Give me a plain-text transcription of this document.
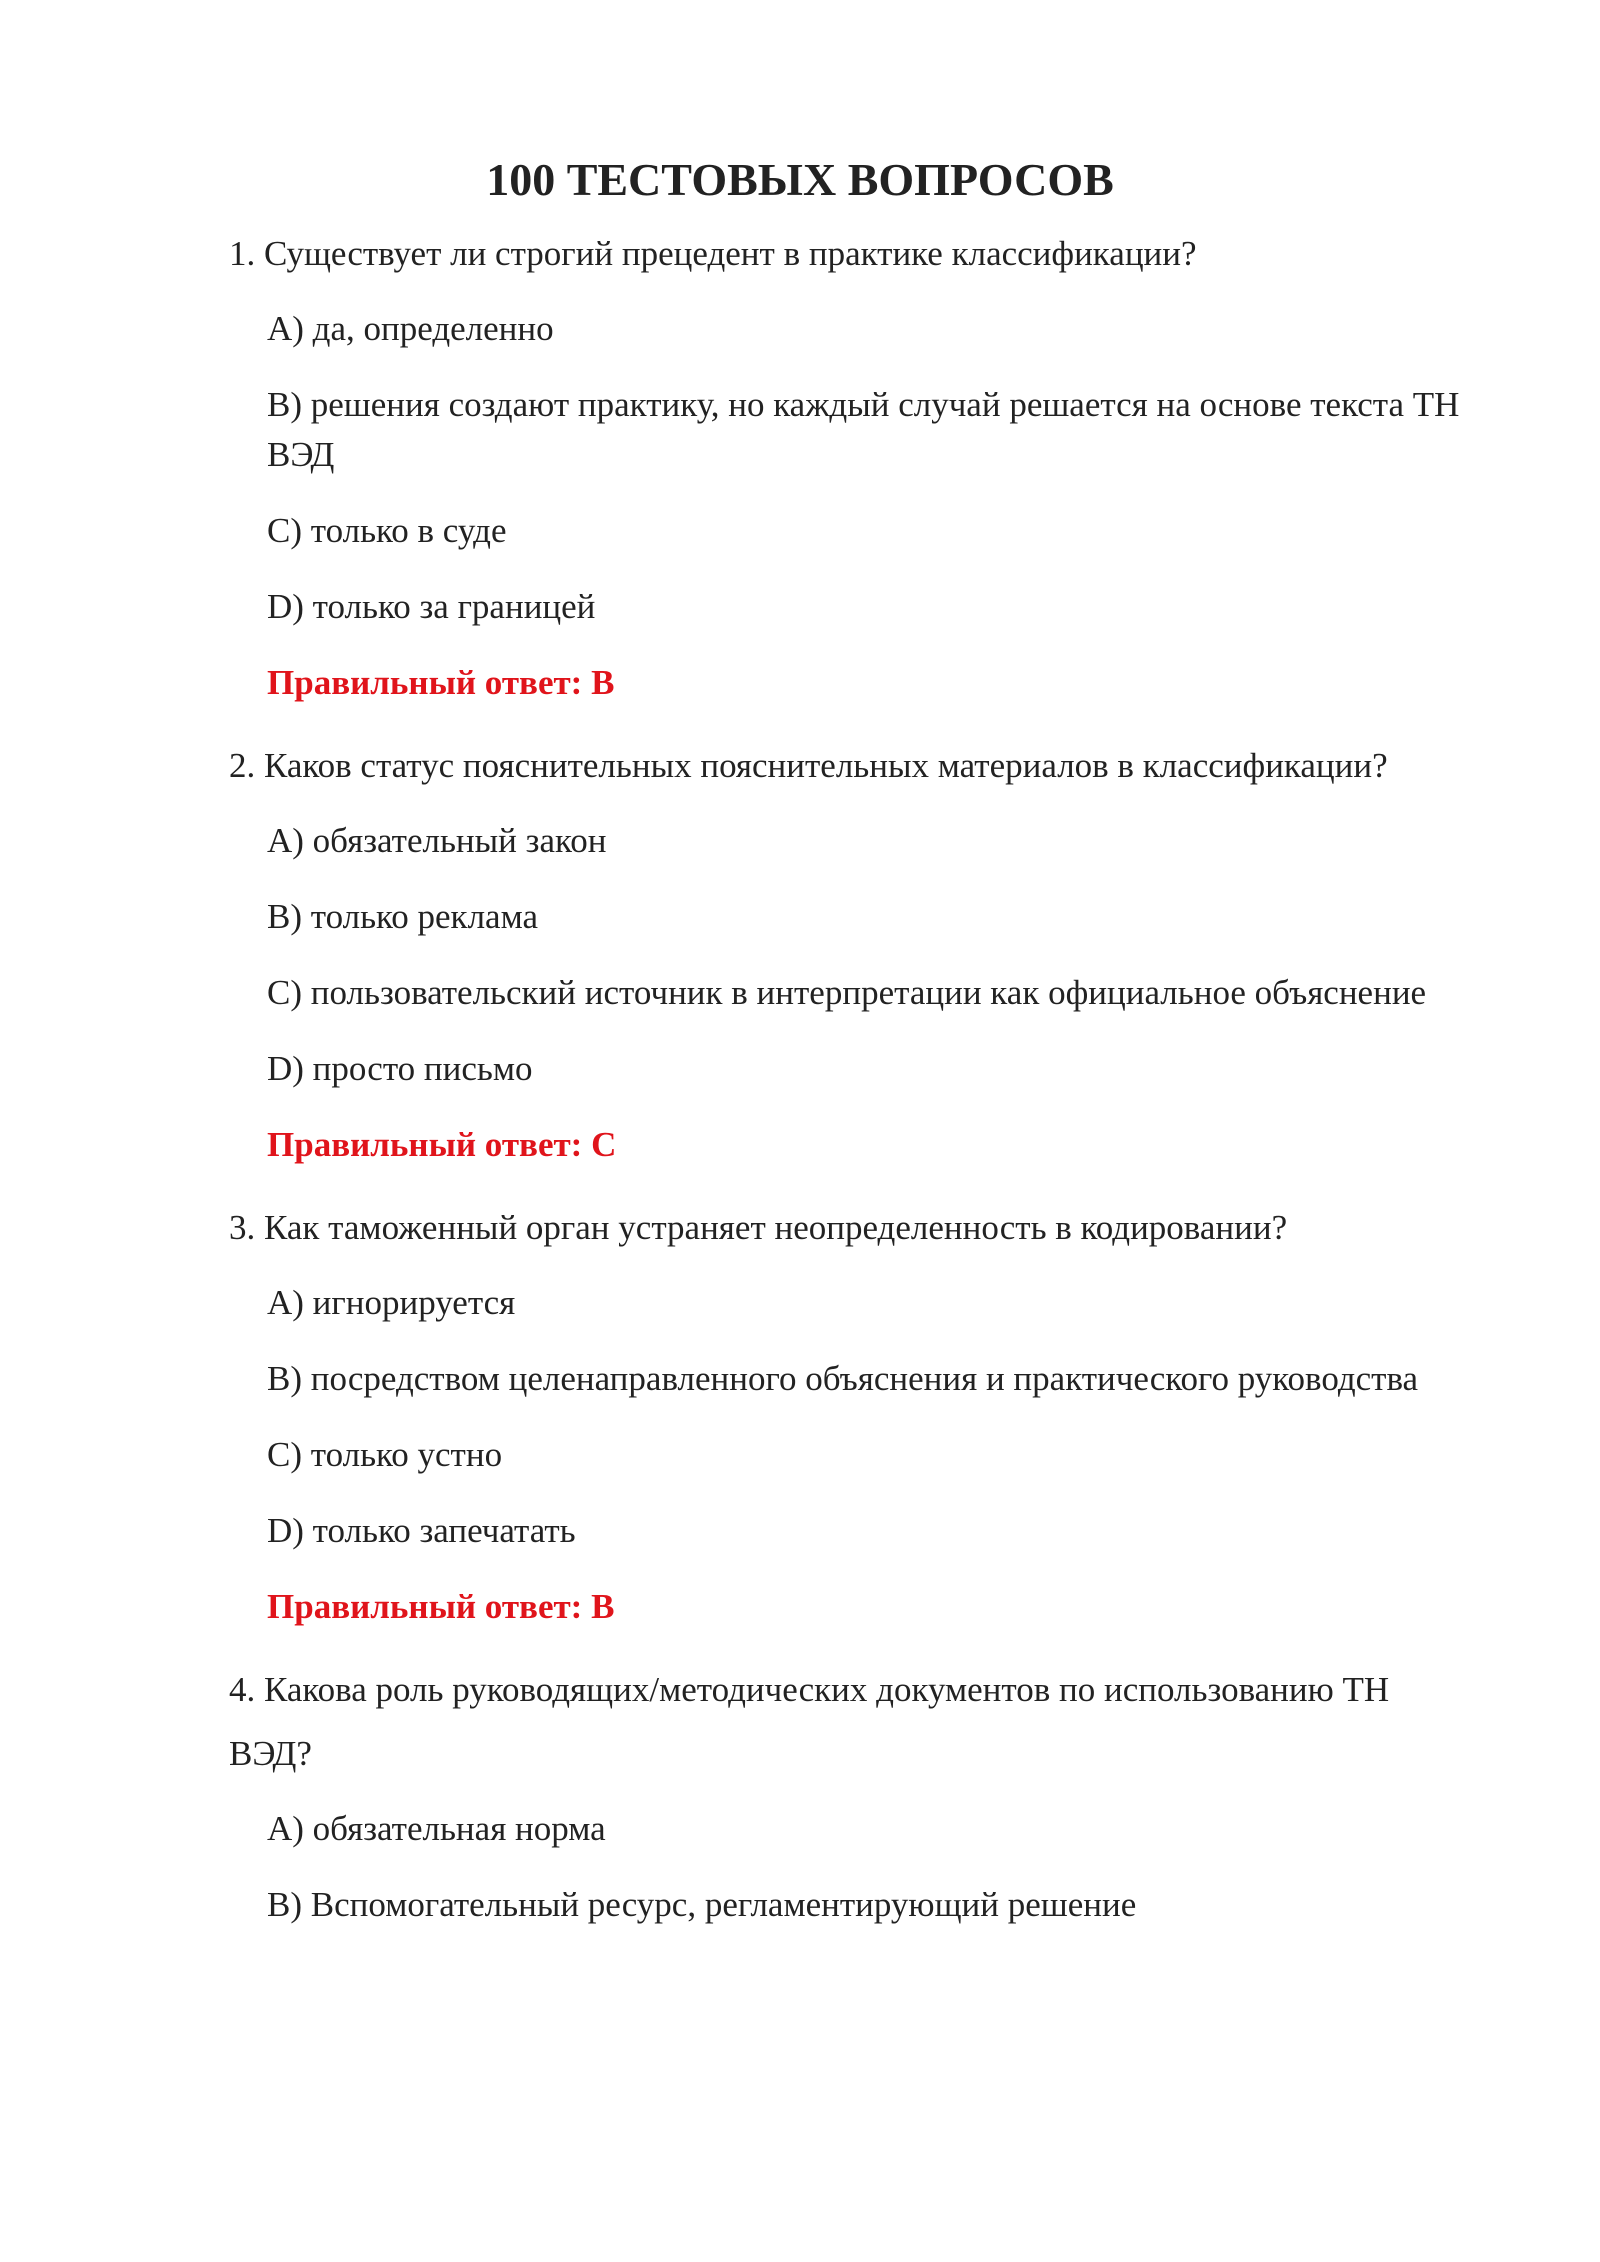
100 ТЕСТОВЫХ ВОПРОСОВ
1. Существует ли строгий прецедент в практике классификации?
А) да, определенно
B) решения создают практику, но каждый случай решается на основе текста ТН ВЭД
C) только в суде
D) только за границей
Правильный ответ: B
2. Каков статус пояснительных пояснительных материалов в классификации?
A) обязательный закон
B) только реклама
C) пользовательский источник в интерпретации как официальное объяснение
D) просто письмо
Правильный ответ: C
3. Как таможенный орган устраняет неопределенность в кодировании?
A) игнорируется
B) посредством целенаправленного объяснения и практического руководства
C) только устно
D) только запечатать
Правильный ответ: B
4. Какова роль руководящих/методических документов по использованию ТН ВЭД?
A) обязательная норма
B) Вспомогательный ресурс, регламентирующий решение
